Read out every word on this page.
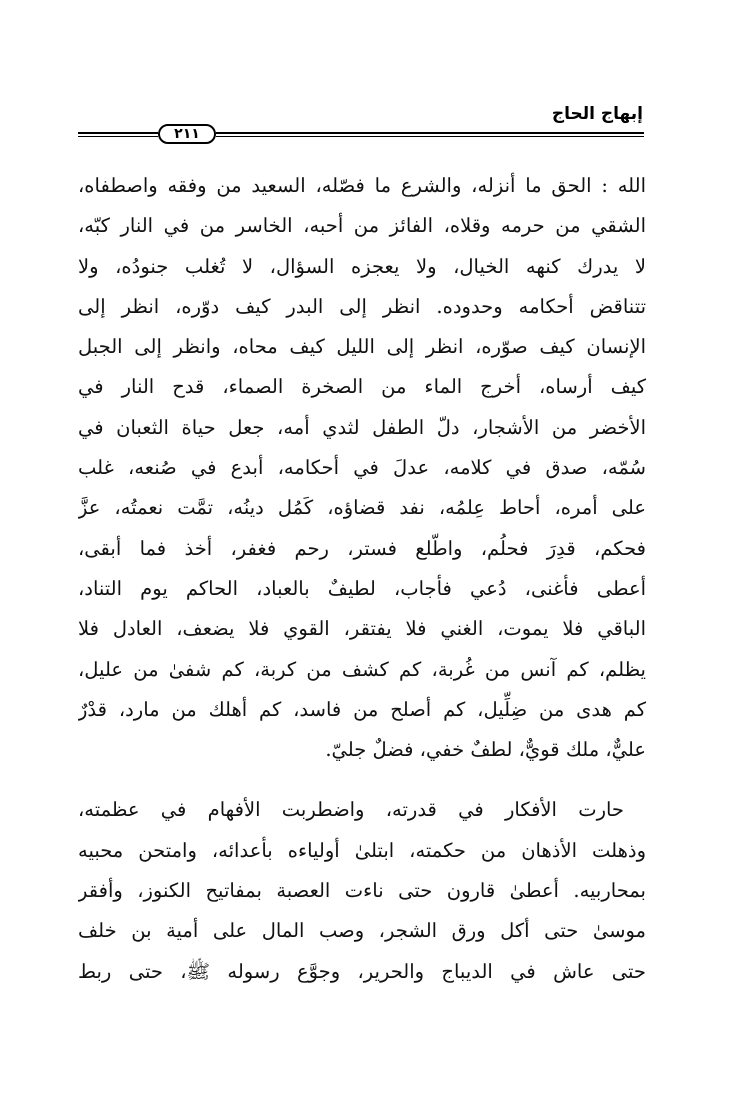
إبهاج الحاج
٢١١
الله : الحق ما أنزله، والشرع ما فصّله، السعيد من وفقه واصطفاه،
الشقي من حرمه وقلاه، الفائز من أحبه، الخاسر من في النار كبّه،
لا يدرك كنهه الخيال، ولا يعجزه السؤال، لا تُغلب جنودُه، ولا
تتناقض أحكامه وحدوده. انظر إلى البدر كيف دوّره، انظر إلى
الإنسان كيف صوّره، انظر إلى الليل كيف محاه، وانظر إلى الجبل
كيف أرساه، أخرج الماء من الصخرة الصماء، قدح النار في
الأخضر من الأشجار، دلّ الطفل لثدي أمه، جعل حياة الثعبان في
سُمّه، صدق في كلامه، عدلَ في أحكامه، أبدع في صُنعه، غلب
على أمره، أحاط عِلمُه، نفد قضاؤه، كَمُل دينُه، تمَّت نعمتُه، عزَّ
فحكم، قدِرَ فحلُم، واطّلع فستر، رحم فغفر، أخذ فما أبقى،
أعطى فأغنى، دُعي فأجاب، لطيفٌ بالعباد، الحاكم يوم التناد،
الباقي فلا يموت، الغني فلا يفتقر، القوي فلا يضعف، العادل فلا
يظلم، كم آنس من غُربة، كم كشف من كربة، كم شفىٰ من عليل،
كم هدى من ضِلِّيل، كم أصلح من فاسد، كم أهلك من مارد، قدْرٌ
عليٌّ، ملك قويٌّ، لطفٌ خفي، فضلٌ جليّ.
حارت الأفكار في قدرته، واضطربت الأفهام في عظمته،
وذهلت الأذهان من حكمته، ابتلىٰ أولياءه بأعدائه، وامتحن محبيه
بمحاربيه. أعطىٰ قارون حتى ناءت العصبة بمفاتيح الكنوز، وأفقر
موسىٰ حتى أكل ورق الشجر، وصب المال على أمية بن خلف
حتى عاش في الديباج والحرير، وجوَّع رسوله ﷺ، حتى ربط
